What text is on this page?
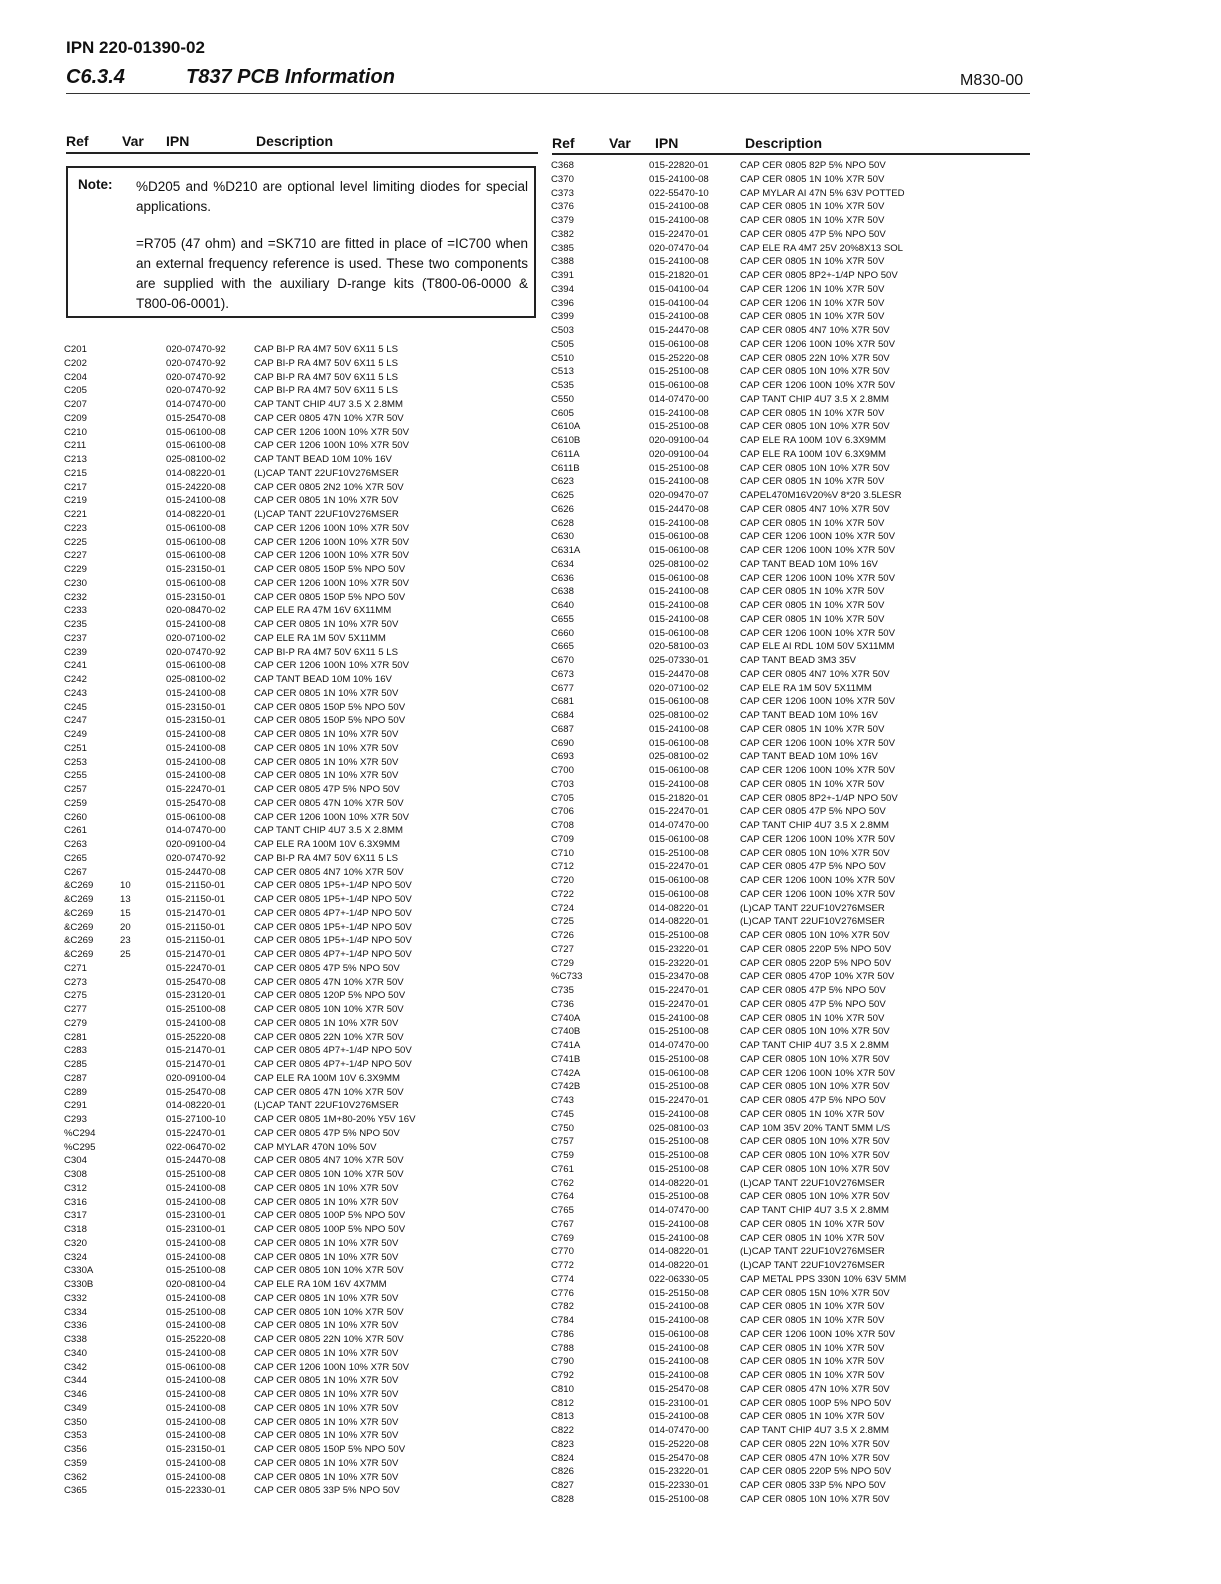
IPN 220-01390-02
C6.3.4	T837 PCB Information	M830-00
Ref Var IPN	Description	Ref Var IPN	Description
Note: %D205 and %D210 are optional level limiting diodes for special applications.
=R705 (47 ohm) and =SK710 are fitted in place of =IC700 when an external frequency reference is used. These two components are supplied with the auxiliary D-range kits (T800-06-0000 & T800-06-0001).
C201	020-07470-92	CAP BI-P RA 4M7 50V 6X11 5 LS
C202	020-07470-92	CAP BI-P RA 4M7 50V 6X11 5 LS
C204	020-07470-92	CAP BI-P RA 4M7 50V 6X11 5 LS
C205	020-07470-92	CAP BI-P RA 4M7 50V 6X11 5 LS
C207	014-07470-00	CAP TANT CHIP 4U7 3.5 X 2.8MM
C209	015-25470-08	CAP CER 0805 47N 10% X7R 50V
C210	015-06100-08	CAP CER 1206 100N 10% X7R 50V
C211	015-06100-08	CAP CER 1206 100N 10% X7R 50V
C213	025-08100-02	CAP TANT BEAD 10M 10% 16V
C215	014-08220-01	(L)CAP TANT 22UF10V276MSER
C217	015-24220-08	CAP CER 0805 2N2 10% X7R 50V
C219	015-24100-08	CAP CER 0805 1N 10% X7R 50V
C221	014-08220-01	(L)CAP TANT 22UF10V276MSER
C223	015-06100-08	CAP CER 1206 100N 10% X7R 50V
C225	015-06100-08	CAP CER 1206 100N 10% X7R 50V
C227	015-06100-08	CAP CER 1206 100N 10% X7R 50V
C229	015-23150-01	CAP CER 0805 150P 5% NPO 50V
C230	015-06100-08	CAP CER 1206 100N 10% X7R 50V
C232	015-23150-01	CAP CER 0805 150P 5% NPO 50V
C233	020-08470-02	CAP ELE RA 47M 16V 6X11MM
C235	015-24100-08	CAP CER 0805 1N 10% X7R 50V
C237	020-07100-02	CAP ELE RA 1M 50V 5X11MM
C239	020-07470-92	CAP BI-P RA 4M7 50V 6X11 5 LS
C241	015-06100-08	CAP CER 1206 100N 10% X7R 50V
C242	025-08100-02	CAP TANT BEAD 10M 10% 16V
C243	015-24100-08	CAP CER 0805 1N 10% X7R 50V
C245	015-23150-01	CAP CER 0805 150P 5% NPO 50V
C247	015-23150-01	CAP CER 0805 150P 5% NPO 50V
C249	015-24100-08	CAP CER 0805 1N 10% X7R 50V
C251	015-24100-08	CAP CER 0805 1N 10% X7R 50V
C253	015-24100-08	CAP CER 0805 1N 10% X7R 50V
C255	015-24100-08	CAP CER 0805 1N 10% X7R 50V
C257	015-22470-01	CAP CER 0805 47P 5% NPO 50V
C259	015-25470-08	CAP CER 0805 47N 10% X7R 50V
C260	015-06100-08	CAP CER 1206 100N 10% X7R 50V
C261	014-07470-00	CAP TANT CHIP 4U7 3.5 X 2.8MM
C263	020-09100-04	CAP ELE RA 100M 10V 6.3X9MM
C265	020-07470-92	CAP BI-P RA 4M7 50V 6X11 5 LS
C267	015-24470-08	CAP CER 0805 4N7 10% X7R 50V
&C269	10	015-21150-01	CAP CER 0805 1P5+-1/4P NPO 50V
&C269	13	015-21150-01	CAP CER 0805 1P5+-1/4P NPO 50V
&C269	15	015-21470-01	CAP CER 0805 4P7+-1/4P NPO 50V
&C269	20	015-21150-01	CAP CER 0805 1P5+-1/4P NPO 50V
&C269	23	015-21150-01	CAP CER 0805 1P5+-1/4P NPO 50V
&C269	25	015-21470-01	CAP CER 0805 4P7+-1/4P NPO 50V
C271	015-22470-01	CAP CER 0805 47P 5% NPO 50V
C273	015-25470-08	CAP CER 0805 47N 10% X7R 50V
C275	015-23120-01	CAP CER 0805 120P 5% NPO 50V
C277	015-25100-08	CAP CER 0805 10N 10% X7R 50V
C279	015-24100-08	CAP CER 0805 1N 10% X7R 50V
C281	015-25220-08	CAP CER 0805 22N 10% X7R 50V
C283	015-21470-01	CAP CER 0805 4P7+-1/4P NPO 50V
C285	015-21470-01	CAP CER 0805 4P7+-1/4P NPO 50V
C287	020-09100-04	CAP ELE RA 100M 10V 6.3X9MM
C289	015-25470-08	CAP CER 0805 47N 10% X7R 50V
C291	014-08220-01	(L)CAP TANT 22UF10V276MSER
C293	015-27100-10	CAP CER 0805 1M+80-20% Y5V 16V
%C294	015-22470-01	CAP CER 0805 47P 5% NPO 50V
%C295	022-06470-02	CAP MYLAR 470N 10% 50V
C304	015-24470-08	CAP CER 0805 4N7 10% X7R 50V
C308	015-25100-08	CAP CER 0805 10N 10% X7R 50V
C312	015-24100-08	CAP CER 0805 1N 10% X7R 50V
C316	015-24100-08	CAP CER 0805 1N 10% X7R 50V
C317	015-23100-01	CAP CER 0805 100P 5% NPO 50V
C318	015-23100-01	CAP CER 0805 100P 5% NPO 50V
C320	015-24100-08	CAP CER 0805 1N 10% X7R 50V
C324	015-24100-08	CAP CER 0805 1N 10% X7R 50V
C330A	015-25100-08	CAP CER 0805 10N 10% X7R 50V
C330B	020-08100-04	CAP ELE RA 10M 16V 4X7MM
C332	015-24100-08	CAP CER 0805 1N 10% X7R 50V
C334	015-25100-08	CAP CER 0805 10N 10% X7R 50V
C336	015-24100-08	CAP CER 0805 1N 10% X7R 50V
C338	015-25220-08	CAP CER 0805 22N 10% X7R 50V
C340	015-24100-08	CAP CER 0805 1N 10% X7R 50V
C342	015-06100-08	CAP CER 1206 100N 10% X7R 50V
C344	015-24100-08	CAP CER 0805 1N 10% X7R 50V
C346	015-24100-08	CAP CER 0805 1N 10% X7R 50V
C349	015-24100-08	CAP CER 0805 1N 10% X7R 50V
C350	015-24100-08	CAP CER 0805 1N 10% X7R 50V
C353	015-24100-08	CAP CER 0805 1N 10% X7R 50V
C356	015-23150-01	CAP CER 0805 150P 5% NPO 50V
C359	015-24100-08	CAP CER 0805 1N 10% X7R 50V
C362	015-24100-08	CAP CER 0805 1N 10% X7R 50V
C365	015-22330-01	CAP CER 0805 33P 5% NPO 50V
C368	015-22820-01	CAP CER 0805 82P 5% NPO 50V
C370	015-24100-08	CAP CER 0805 1N 10% X7R 50V
C373	022-55470-10	CAP MYLAR AI 47N 5% 63V POTTED
C376	015-24100-08	CAP CER 0805 1N 10% X7R 50V
C379	015-24100-08	CAP CER 0805 1N 10% X7R 50V
C382	015-22470-01	CAP CER 0805 47P 5% NPO 50V
C385	020-07470-04	CAP ELE RA 4M7 25V 20%8X13 SOL
C388	015-24100-08	CAP CER 0805 1N 10% X7R 50V
C391	015-21820-01	CAP CER 0805 8P2+-1/4P NPO 50V
C394	015-04100-04	CAP CER 1206 1N 10% X7R 50V
C396	015-04100-04	CAP CER 1206 1N 10% X7R 50V
C399	015-24100-08	CAP CER 0805 1N 10% X7R 50V
C503	015-24470-08	CAP CER 0805 4N7 10% X7R 50V
C505	015-06100-08	CAP CER 1206 100N 10% X7R 50V
C510	015-25220-08	CAP CER 0805 22N 10% X7R 50V
C513	015-25100-08	CAP CER 0805 10N 10% X7R 50V
C535	015-06100-08	CAP CER 1206 100N 10% X7R 50V
C550	014-07470-00	CAP TANT CHIP 4U7 3.5 X 2.8MM
C605	015-24100-08	CAP CER 0805 1N 10% X7R 50V
C610A	015-25100-08	CAP CER 0805 10N 10% X7R 50V
C610B	020-09100-04	CAP ELE RA 100M 10V 6.3X9MM
C611A	020-09100-04	CAP ELE RA 100M 10V 6.3X9MM
C611B	015-25100-08	CAP CER 0805 10N 10% X7R 50V
C623	015-24100-08	CAP CER 0805 1N 10% X7R 50V
C625	020-09470-07	CAPEL470M16V20%V 8*20 3.5LESR
C626	015-24470-08	CAP CER 0805 4N7 10% X7R 50V
C628	015-24100-08	CAP CER 0805 1N 10% X7R 50V
C630	015-06100-08	CAP CER 1206 100N 10% X7R 50V
C631A	015-06100-08	CAP CER 1206 100N 10% X7R 50V
C634	025-08100-02	CAP TANT BEAD 10M 10% 16V
C636	015-06100-08	CAP CER 1206 100N 10% X7R 50V
C638	015-24100-08	CAP CER 0805 1N 10% X7R 50V
C640	015-24100-08	CAP CER 0805 1N 10% X7R 50V
C655	015-24100-08	CAP CER 0805 1N 10% X7R 50V
C660	015-06100-08	CAP CER 1206 100N 10% X7R 50V
C665	020-58100-03	CAP ELE AI RDL 10M 50V 5X11MM
C670	025-07330-01	CAP TANT BEAD 3M3 35V
C673	015-24470-08	CAP CER 0805 4N7 10% X7R 50V
C677	020-07100-02	CAP ELE RA 1M 50V 5X11MM
C681	015-06100-08	CAP CER 1206 100N 10% X7R 50V
C684	025-08100-02	CAP TANT BEAD 10M 10% 16V
C687	015-24100-08	CAP CER 0805 1N 10% X7R 50V
C690	015-06100-08	CAP CER 1206 100N 10% X7R 50V
C693	025-08100-02	CAP TANT BEAD 10M 10% 16V
C700	015-06100-08	CAP CER 1206 100N 10% X7R 50V
C703	015-24100-08	CAP CER 0805 1N 10% X7R 50V
C705	015-21820-01	CAP CER 0805 8P2+-1/4P NPO 50V
C706	015-22470-01	CAP CER 0805 47P 5% NPO 50V
C708	014-07470-00	CAP TANT CHIP 4U7 3.5 X 2.8MM
C709	015-06100-08	CAP CER 1206 100N 10% X7R 50V
C710	015-25100-08	CAP CER 0805 10N 10% X7R 50V
C712	015-22470-01	CAP CER 0805 47P 5% NPO 50V
C720	015-06100-08	CAP CER 1206 100N 10% X7R 50V
C722	015-06100-08	CAP CER 1206 100N 10% X7R 50V
C724	014-08220-01	(L)CAP TANT 22UF10V276MSER
C725	014-08220-01	(L)CAP TANT 22UF10V276MSER
C726	015-25100-08	CAP CER 0805 10N 10% X7R 50V
C727	015-23220-01	CAP CER 0805 220P 5% NPO 50V
C729	015-23220-01	CAP CER 0805 220P 5% NPO 50V
%C733	015-23470-08	CAP CER 0805 470P 10% X7R 50V
C735	015-22470-01	CAP CER 0805 47P 5% NPO 50V
C736	015-22470-01	CAP CER 0805 47P 5% NPO 50V
C740A	015-24100-08	CAP CER 0805 1N 10% X7R 50V
C740B	015-25100-08	CAP CER 0805 10N 10% X7R 50V
C741A	014-07470-00	CAP TANT CHIP 4U7 3.5 X 2.8MM
C741B	015-25100-08	CAP CER 0805 10N 10% X7R 50V
C742A	015-06100-08	CAP CER 1206 100N 10% X7R 50V
C742B	015-25100-08	CAP CER 0805 10N 10% X7R 50V
C743	015-22470-01	CAP CER 0805 47P 5% NPO 50V
C745	015-24100-08	CAP CER 0805 1N 10% X7R 50V
C750	025-08100-03	CAP 10M 35V 20% TANT 5MM L/S
C757	015-25100-08	CAP CER 0805 10N 10% X7R 50V
C759	015-25100-08	CAP CER 0805 10N 10% X7R 50V
C761	015-25100-08	CAP CER 0805 10N 10% X7R 50V
C762	014-08220-01	(L)CAP TANT 22UF10V276MSER
C764	015-25100-08	CAP CER 0805 10N 10% X7R 50V
C765	014-07470-00	CAP TANT CHIP 4U7 3.5 X 2.8MM
C767	015-24100-08	CAP CER 0805 1N 10% X7R 50V
C769	015-24100-08	CAP CER 0805 1N 10% X7R 50V
C770	014-08220-01	(L)CAP TANT 22UF10V276MSER
C772	014-08220-01	(L)CAP TANT 22UF10V276MSER
C774	022-06330-05	CAP METAL PPS 330N 10% 63V 5MM
C776	015-25150-08	CAP CER 0805 15N 10% X7R 50V
C782	015-24100-08	CAP CER 0805 1N 10% X7R 50V
C784	015-24100-08	CAP CER 0805 1N 10% X7R 50V
C786	015-06100-08	CAP CER 1206 100N 10% X7R 50V
C788	015-24100-08	CAP CER 0805 1N 10% X7R 50V
C790	015-24100-08	CAP CER 0805 1N 10% X7R 50V
C792	015-24100-08	CAP CER 0805 1N 10% X7R 50V
C810	015-25470-08	CAP CER 0805 47N 10% X7R 50V
C812	015-23100-01	CAP CER 0805 100P 5% NPO 50V
C813	015-24100-08	CAP CER 0805 1N 10% X7R 50V
C822	014-07470-00	CAP TANT CHIP 4U7 3.5 X 2.8MM
C823	015-25220-08	CAP CER 0805 22N 10% X7R 50V
C824	015-25470-08	CAP CER 0805 47N 10% X7R 50V
C826	015-23220-01	CAP CER 0805 220P 5% NPO 50V
C827	015-22330-01	CAP CER 0805 33P 5% NPO 50V
C828	015-25100-08	CAP CER 0805 10N 10% X7R 50V
